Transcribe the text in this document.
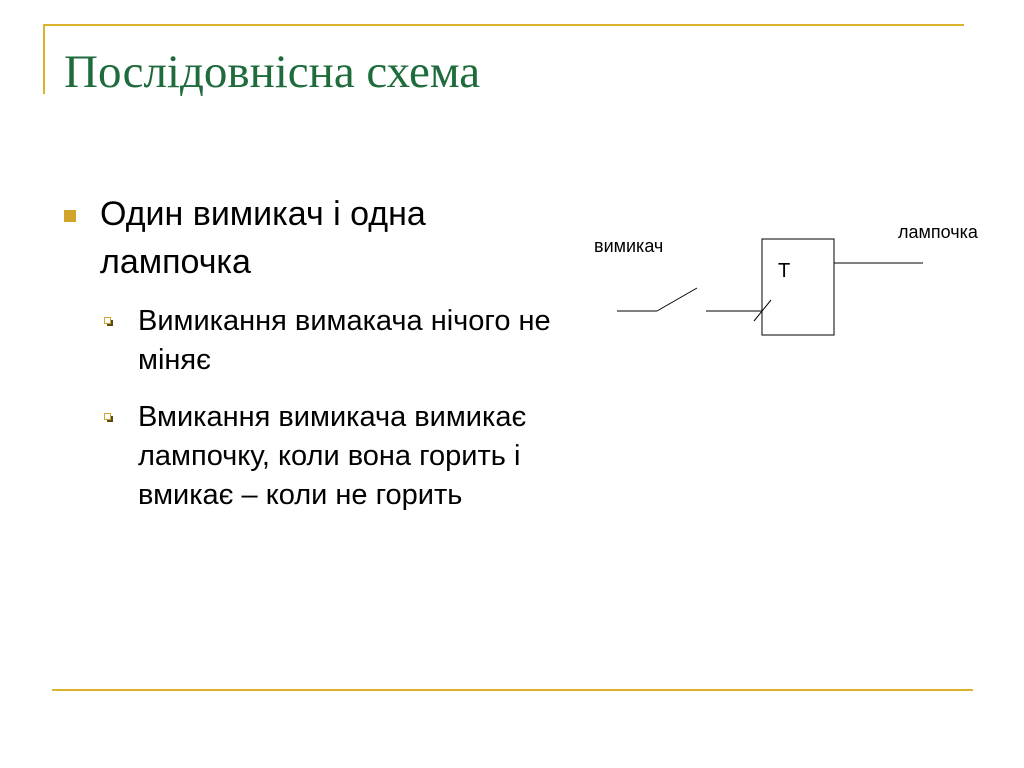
Послідовнісна схема
Один вимикач і одна лампочка
Вимикання вимакача нічого не міняє
Вмикання вимикача вимикає лампочку, коли вона горить і вмикає – коли не горить
вимикач
лампочка
T
